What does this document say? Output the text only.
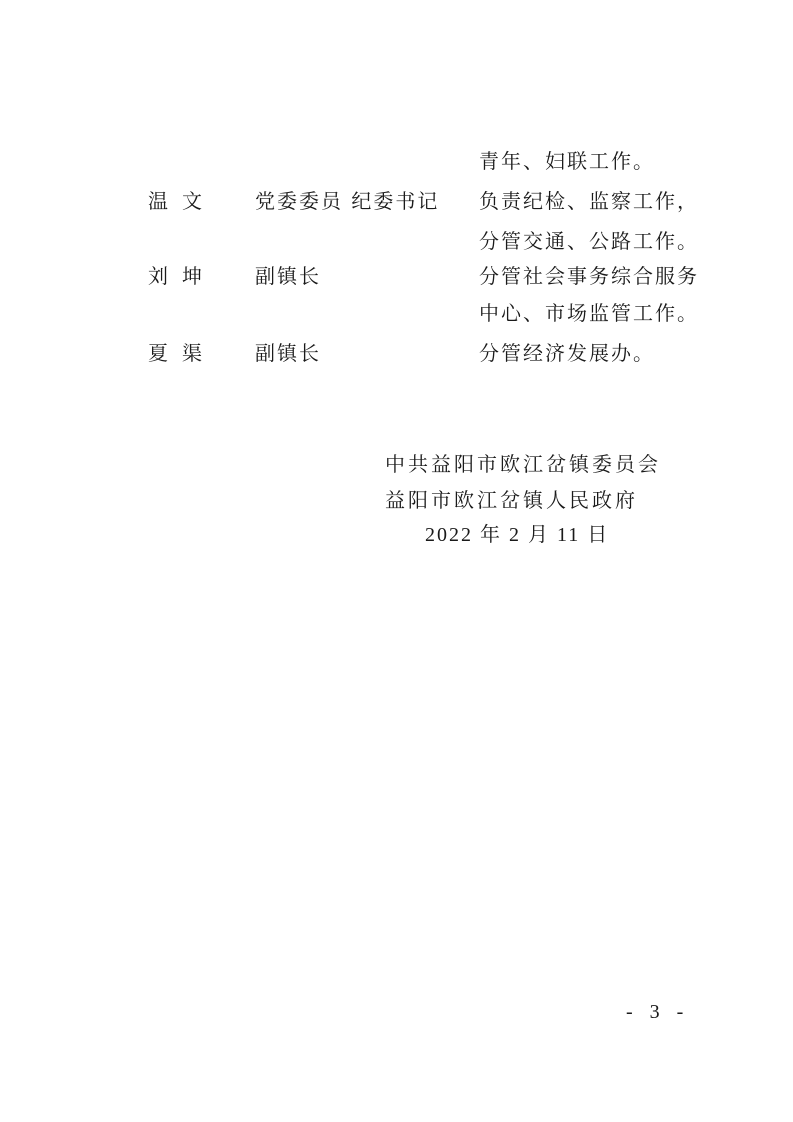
青年、妇联工作。
温文 党委委员 纪委书记 负责纪检、监察工作，
分管交通、公路工作。
刘坤 副镇长	分管社会事务综合服务
中心、市场监管工作。
夏渠 副镇长	分管经济发展办。
中共益阳市欧江岔镇委员会
益阳市欧江岔镇人民政府
2022 年 2 月 11 日
- 3 -
